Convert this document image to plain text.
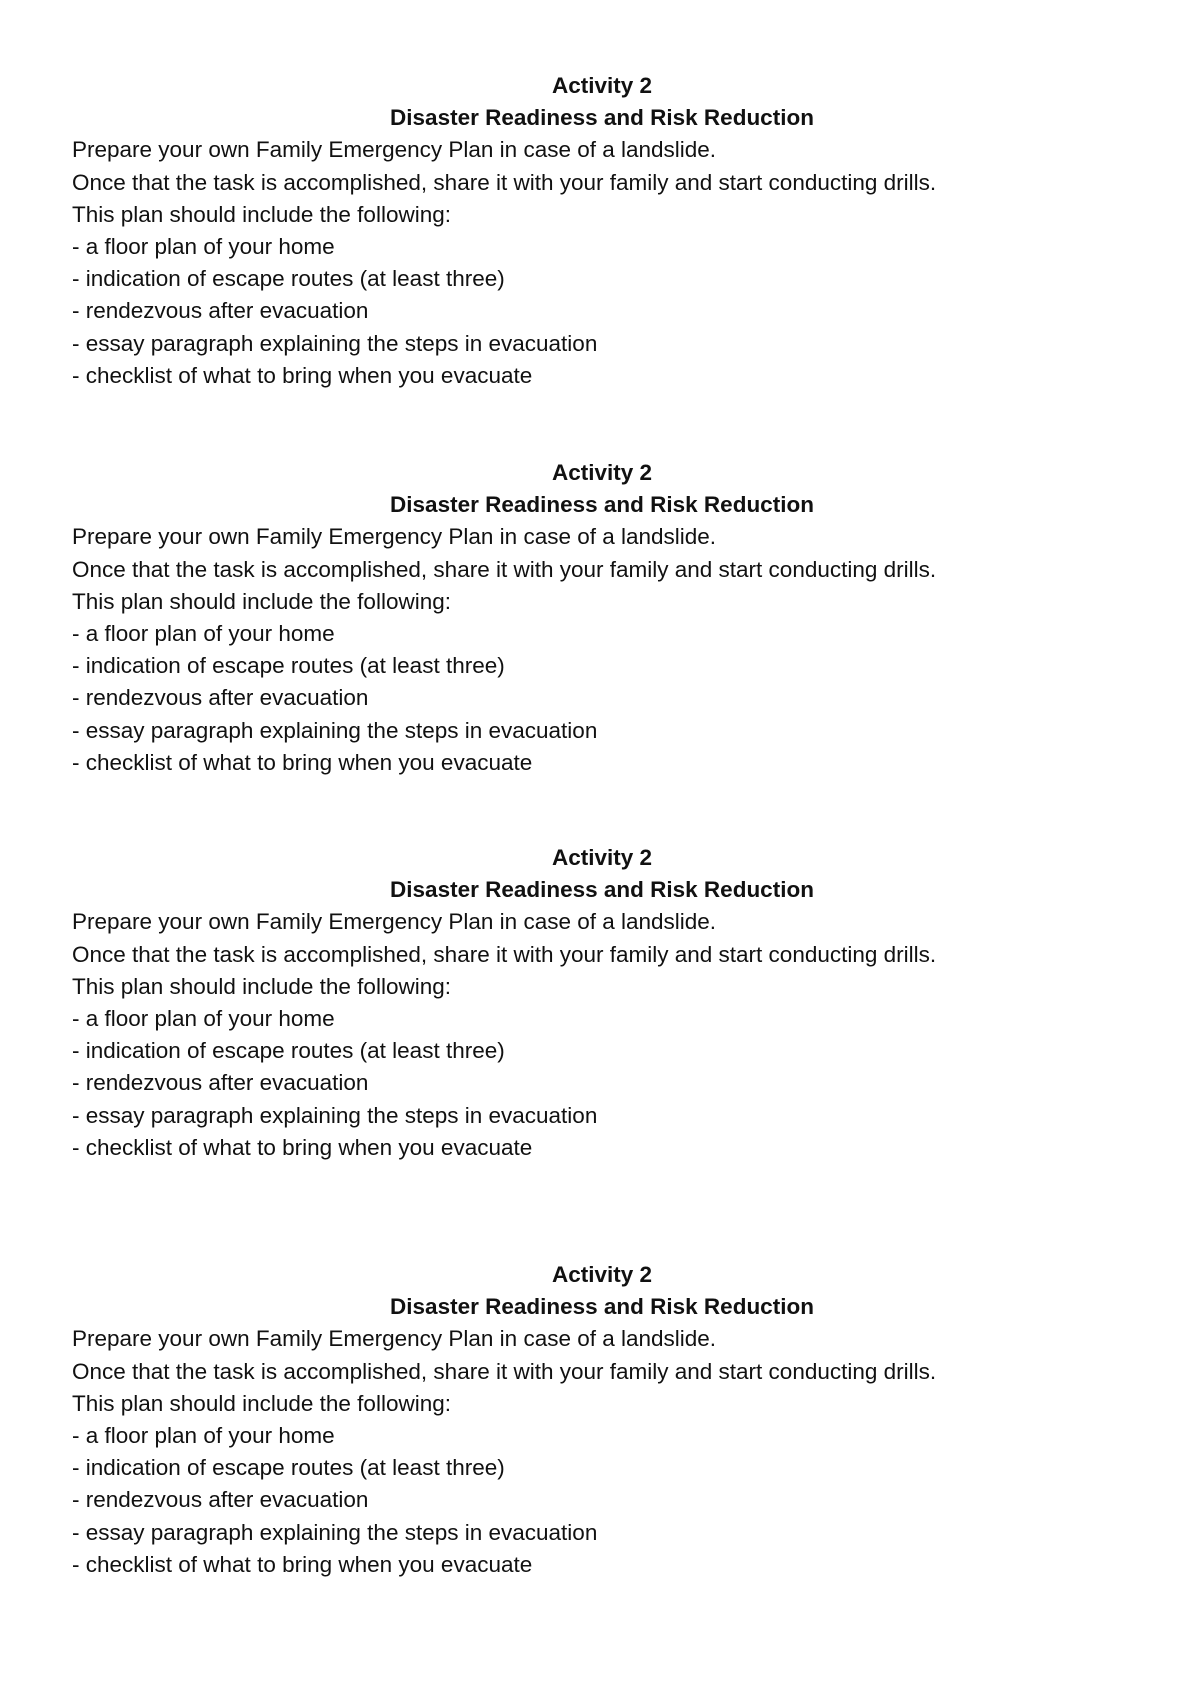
Activity 2
Disaster Readiness and Risk Reduction
Prepare your own Family Emergency Plan in case of a landslide.
Once that the task is accomplished, share it with your family and start conducting drills.
This plan should include the following:
- a floor plan of your home
- indication of escape routes (at least three)
- rendezvous after evacuation
- essay paragraph explaining the steps in evacuation
- checklist of what to bring when you evacuate
Activity 2
Disaster Readiness and Risk Reduction
Prepare your own Family Emergency Plan in case of a landslide.
Once that the task is accomplished, share it with your family and start conducting drills.
This plan should include the following:
- a floor plan of your home
- indication of escape routes (at least three)
- rendezvous after evacuation
- essay paragraph explaining the steps in evacuation
- checklist of what to bring when you evacuate
Activity 2
Disaster Readiness and Risk Reduction
Prepare your own Family Emergency Plan in case of a landslide.
Once that the task is accomplished, share it with your family and start conducting drills.
This plan should include the following:
- a floor plan of your home
- indication of escape routes (at least three)
- rendezvous after evacuation
- essay paragraph explaining the steps in evacuation
- checklist of what to bring when you evacuate
Activity 2
Disaster Readiness and Risk Reduction
Prepare your own Family Emergency Plan in case of a landslide.
Once that the task is accomplished, share it with your family and start conducting drills.
This plan should include the following:
- a floor plan of your home
- indication of escape routes (at least three)
- rendezvous after evacuation
- essay paragraph explaining the steps in evacuation
- checklist of what to bring when you evacuate
